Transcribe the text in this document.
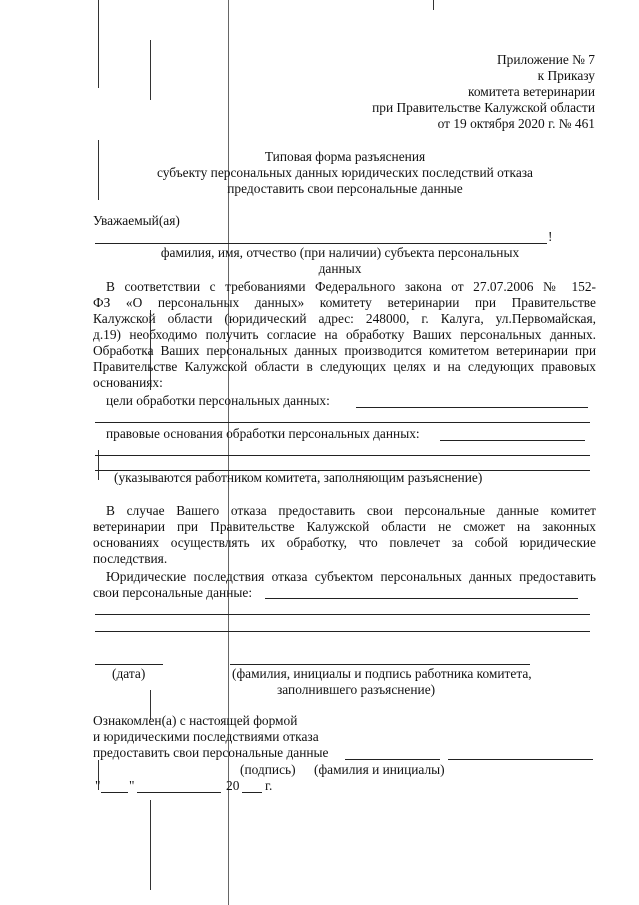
Приложение № 7
к Приказу
комитета ветеринарии
при Правительстве Калужской области
от 19 октября 2020 г. № 461
Типовая форма разъяснения
субъекту персональных данных юридических последствий отказа
предоставить свои персональные данные
Уважаемый(ая)
!
фамилия, имя, отчество (при наличии) субъекта персональных
данных
В соответствии с требованиями Федерального закона от 27.07.2006 № 152-
ФЗ «О персональных данных» комитету ветеринарии при Правительстве
Калужской области (юридический адрес: 248000, г. Калуга, ул.Первомайская,
д.19) необходимо получить согласие на обработку Ваших персональных данных.
Обработка Ваших персональных данных производится комитетом ветеринарии при
Правительстве Калужской области в следующих целях и на следующих правовых
основаниях:
цели обработки персональных данных:
правовые основания обработки персональных данных:
(указываются работником комитета, заполняющим разъяснение)
В случае Вашего отказа предоставить свои персональные данные комитет
ветеринарии при Правительстве Калужской области не сможет на законных
основаниях осуществлять их обработку, что повлечет за собой юридические
последствия.
Юридические последствия отказа субъектом персональных данных предоставить
свои персональные данные:
(дата)	(фамилия, инициалы и подпись работника комитета,
заполнившего разъяснение)
Ознакомлен(а) с настоящей формой
и юридическими последствиями отказа
предоставить свои персональные данные
(подпись) (фамилия и инициалы)
" "	20 г.
